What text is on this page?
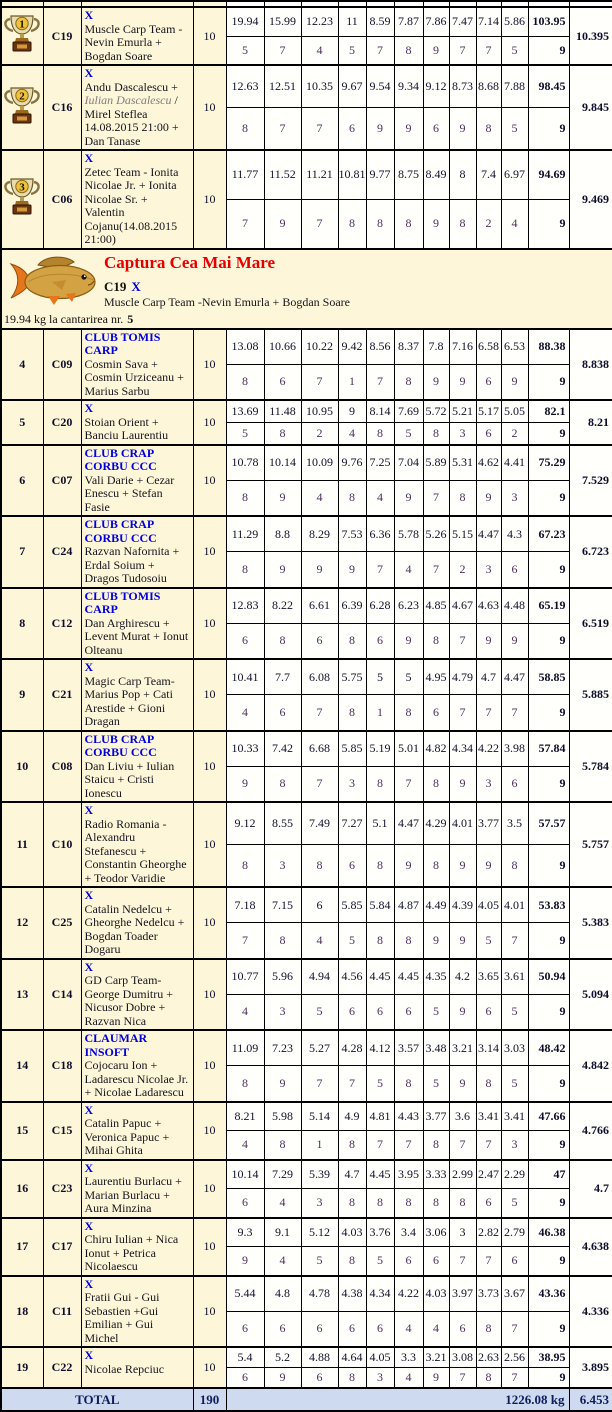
1	C19	X
Muscle Carp Team -Nevin Emurla + Bogdan Soare	10	19.94	15.99	12.23	11	8.59	7.87	7.86	7.47	7.14	5.86	103.95	10.395
				5	7	4	5	7	8	9	7	7	5	9	

2	C16	X
Andu Dascalescu + Iulian Dascalescu / Mirel Steflea 14.08.2015 21:00 + Dan Tanase	10	12.63	12.51	10.35	9.67	9.54	9.34	9.12	8.73	8.68	7.88	98.45	9.845
				8	7	7	6	9	9	6	9	8	5	9	

3	C06	X
Zetec Team - Ionita Nicolae Jr. + Ionita Nicolae Sr. + Valentin Cojanu(14.08.2015 21:00)	10	11.77	11.52	11.21	10.81	9.77	8.75	8.49	8	7.4	6.97	94.69	9.469
				7	9	7	8	8	8	9	8	2	4	9	

Captura Cea Mai Mare
C19 X
Muscle Carp Team -Nevin Emurla + Bogdan Soare
19.94 kg la cantarirea nr. 5															

4	C09	CLUB TOMIS CARP
Cosmin Sava + Cosmin Urziceanu + Marius Sarbu	10	13.08	10.66	10.22	9.42	8.56	8.37	7.8	7.16	6.58	6.53	88.38	8.838
				8	6	7	1	7	8	9	9	6	9	9	
5	C20	X
Stoian Orient + Banciu Laurentiu	10	13.69	11.48	10.95	9	8.14	7.69	5.72	5.21	5.17	5.05	82.1	8.21
				5	8	2	4	8	5	8	3	6	2	9	
6	C07	CLUB CRAP CORBU CCC
Vali Darie + Cezar Enescu + Stefan Fasie	10	10.78	10.14	10.09	9.76	7.25	7.04	5.89	5.31	4.62	4.41	75.29	7.529
				8	9	4	8	4	9	7	8	9	3	9	
7	C24	CLUB CRAP CORBU CCC
Razvan Nafornita + Erdal Soium + Dragos Tudosoiu	10	11.29	8.8	8.29	7.53	6.36	5.78	5.26	5.15	4.47	4.3	67.23	6.723
				8	9	9	9	7	4	7	2	3	6	9	
8	C12	CLUB TOMIS CARP
Dan Arghirescu + Levent Murat + Ionut Olteanu	10	12.83	8.22	6.61	6.39	6.28	6.23	4.85	4.67	4.63	4.48	65.19	6.519
				6	8	6	8	6	9	8	7	9	9	9	
9	C21	X
Magic Carp Team- Marius Pop + Cati Arestide + Gioni Dragan	10	10.41	7.7	6.08	5.75	5	5	4.95	4.79	4.7	4.47	58.85	5.885
				4	6	7	8	1	8	6	7	7	7	9	
10	C08	CLUB CRAP CORBU CCC
Dan Liviu + Iulian Staicu + Cristi Ionescu	10	10.33	7.42	6.68	5.85	5.19	5.01	4.82	4.34	4.22	3.98	57.84	5.784
				9	8	7	3	8	7	8	9	3	6	9	
11	C10	X
Radio Romania - Alexandru Stefanescu + Constantin Gheorghe + Teodor Varidie	10	9.12	8.55	7.49	7.27	5.1	4.47	4.29	4.01	3.77	3.5	57.57	5.757
				8	3	8	6	8	9	8	9	9	8	9	
12	C25	X
Catalin Nedelcu + Gheorghe Nedelcu + Bogdan Toader Dogaru	10	7.18	7.15	6	5.85	5.84	4.87	4.49	4.39	4.05	4.01	53.83	5.383
				7	8	4	5	8	8	9	9	5	7	9	
13	C14	X
GD Carp Team- George Dumitru + Nicusor Dobre + Razvan Nica	10	10.77	5.96	4.94	4.56	4.45	4.45	4.35	4.2	3.65	3.61	50.94	5.094
				4	3	5	6	6	6	5	9	6	5	9	
14	C18	CLAUMAR INSOFT
Cojocaru Ion + Ladarescu Nicolae Jr. + Nicolae Ladarescu	10	11.09	7.23	5.27	4.28	4.12	3.57	3.48	3.21	3.14	3.03	48.42	4.842
				8	9	7	7	5	8	5	9	8	5	9	
15	C15	X
Catalin Papuc + Veronica Papuc + Mihai Ghita	10	8.21	5.98	5.14	4.9	4.81	4.43	3.77	3.6	3.41	3.41	47.66	4.766
				4	8	1	8	7	7	8	7	7	3	9	
16	C23	X
Laurentiu Burlacu + Marian Burlacu + Aura Minzina	10	10.14	7.29	5.39	4.7	4.45	3.95	3.33	2.99	2.47	2.29	47	4.7
				6	4	3	8	8	8	8	8	6	5	9	
17	C17	X
Chiru Iulian + Nica Ionut + Petrica Nicolaescu	10	9.3	9.1	5.12	4.03	3.76	3.4	3.06	3	2.82	2.79	46.38	4.638
				9	4	5	8	5	6	6	7	7	6	9	
18	C11	X
Fratii Gui - Gui Sebastien +Gui Emilian + Gui Michel	10	5.44	4.8	4.78	4.38	4.34	4.22	4.03	3.97	3.73	3.67	43.36	4.336
				6	6	6	6	6	4	4	6	8	7	9	
19	C22	X
Nicolae Repciuc	10	5.4	5.2	4.88	4.64	4.05	3.3	3.21	3.08	2.63	2.56	38.95	3.895
				6	9	6	8	3	4	9	7	8	7	9	
TOTAL			190	1226.08 kg											6.453
